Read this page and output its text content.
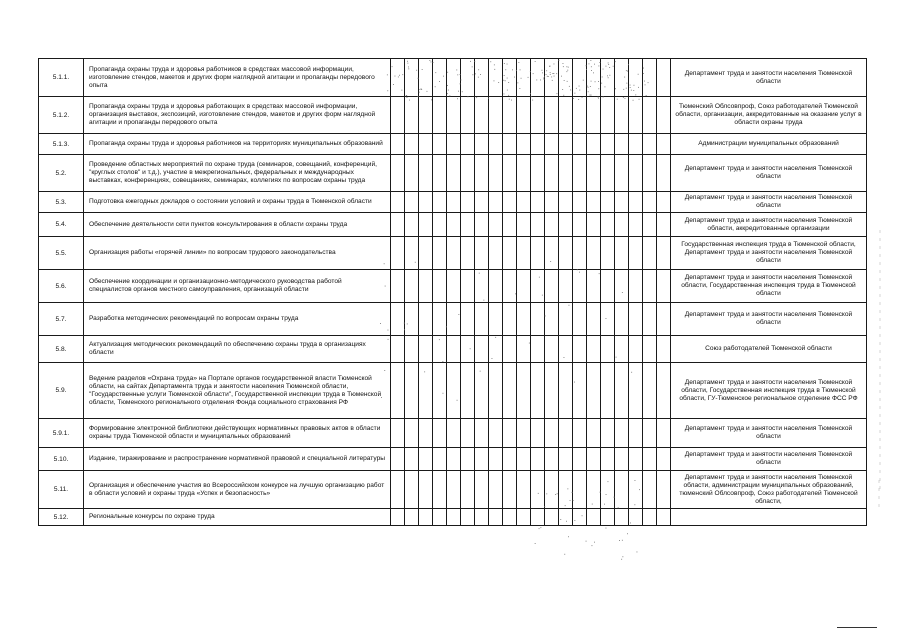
5.1.1.	Пропаганда охраны труда и здоровья работников в средствах массовой информации, изготовление стендов, макетов и других форм наглядной агитации и пропаганды передового опыта																					Департамент труда и занятости населения Тюменской области
5.1.2.	Пропаганда охраны труда и здоровья работающих в средствах массовой информации, организация выставок, экспозиций, изготовление стендов, макетов и других форм наглядной агитации и пропаганды передового опыта																					Тюменский Облсовпроф, Союз работодателей Тюменской области, организации, аккредитованные на оказание услуг в области охраны труда
5.1.3.	Пропаганда охраны труда и здоровья работников на территориях муниципальных образований																					Администрации муниципальных образований
5.2.	Проведение областных мероприятий по охране труда (семинаров, совещаний, конференций, "круглых столов" и т.д.), участие в межрегиональных, федеральных и международных выставках, конференциях, совещаниях, семинарах, коллегиях по вопросам охраны труда																					Департамент труда и занятости населения Тюменской области
5.3.	Подготовка ежегодных докладов о состоянии условий и охраны труда в Тюменской области																					Департамент труда и занятости населения Тюменской области
5.4.	Обеспечение деятельности сети пунктов консультирования в области охраны труда																					Департамент труда и занятости населения Тюменской области, аккредитованные организации
5.5.	Организация работы «горячей линии» по вопросам трудового законодательства																					Государственная инспекция труда в Тюменской области, Департамент труда и занятости населения Тюменской области
5.6.	Обеспечение координации и организационно-методического руководства работой специалистов органов местного самоуправления, организаций области																					Департамент труда и занятости населения Тюменской области, Государственная инспекция труда в Тюменской области
5.7.	Разработка методических рекомендаций по вопросам охраны труда																					Департамент труда и занятости населения Тюменской области
5.8.	Актуализация методических рекомендаций по обеспечению охраны труда в организациях области																					Союз работодателей Тюменской области
5.9.	Ведение разделов «Охрана труда» на Портале органов государственной власти Тюменской области, на сайтах Департамента труда и занятости населения Тюменской области, "Государственные услуги Тюменской области", Государственной инспекции труда в Тюменской области, Тюменского регионального отделения Фонда социального страхования РФ																					Департамент труда и занятости населения Тюменской области, Государственная инспекция труда в Тюменской области, ГУ-Тюменское региональное отделение ФСС РФ
5.9.1.	Формирование электронной библиотеки действующих нормативных правовых актов в области охраны труда Тюменской области и муниципальных образований																					Департамент труда и занятости населения Тюменской области
5.10.	Издание, тиражирование и распространение нормативной правовой и специальной литературы																					Департамент труда и занятости населения Тюменской области
5.11.	Организация и обеспечение участия во Всероссийском конкурсе на лучшую организацию работ в области условий и охраны труда «Успех и безопасность»																					Департамент труда и занятости населения Тюменской области, администрации муниципальных образований, тюменский Облсовпроф, Союз работодателей Тюменской области,
5.12.	Региональные конкурсы по охране труда																					
